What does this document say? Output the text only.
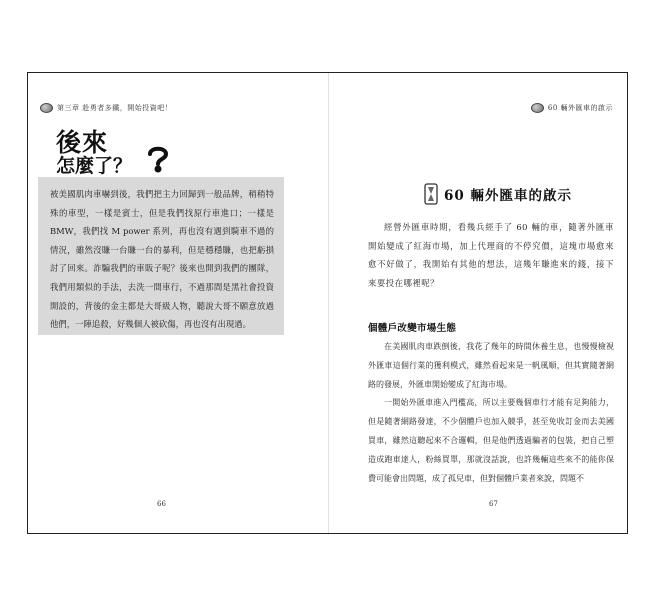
第三章 趁勇者多鐵，開始投資吧！
後來
怎麼了？

被美國肌肉車嚇到後，我們把主力回歸到一般品牌，稍稍特殊的車型，一樣是賓士，但是我們找原行車進口；一樣是 BMW，我們找 M power 系列，再也沒有遇到騎車不過的情況，雖然沒賺一台賺一台的暴利，但是穩穩賺，也把虧損討了回來。詐騙我們的車販子呢？後來也開到我們的團隊，我們用類似的手法，去洗一間車行，不過那間是黑社會投資開設的，背後的金主都是大哥級人物，聽說大哥不願意放過他們，一陣追殺，好幾個人被砍傷，再也沒有出現過。

66
60 輛外匯車的啟示
60 輛外匯車的啟示

經營外匯車時期，看幾兵經手了 60 輛的車，隨著外匯車開始變成了紅海市場，加上代理商的不停究價，這塊市場愈來愈不好做了，我開始有其他的想法，這幾年賺進來的錢，接下來要投在哪裡呢？

個體戶改變市場生態

在美國肌肉車跌倒後，我花了幾年的時間休養生息，也慢慢檢視外匯車這個行業的獲利模式，雖然看起來是一帆風順，但其實隨著網路的發展，外匯車開始變成了紅海市場。

一開始外匯車進入門檻高，所以主要幾個車行才能有足夠能力，但是隨著網路發達，不少個體戶也加入競爭，甚至免收訂金而去美國買車，雖然這聽起來不合邏輯，但是他們透過騙者的包裝，把自己塑造成跑車達人，粉絲買單，那就沒話說，也許幾輛這些來不的能你保費可能會出問題，成了孤兒車，但對個體戶業者來說，問題不

67
